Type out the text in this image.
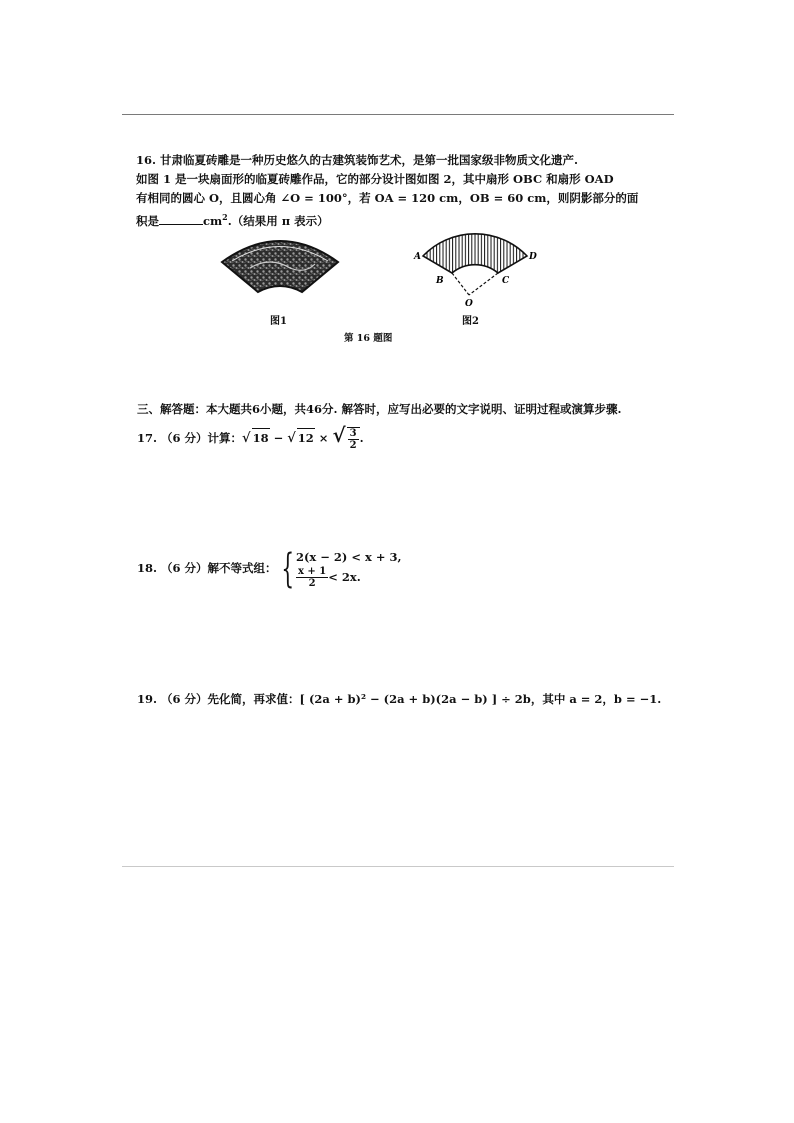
16. 甘肃临夏砖雕是一种历史悠久的古建筑装饰艺术，是第一批国家级非物质文化遗产.
如图 1 是一块扇面形的临夏砖雕作品，它的部分设计图如图 2，其中扇形 OBC 和扇形 OAD
有相同的圆心 O，且圆心角 ∠O = 100°，若 OA = 120 cm，OB = 60 cm，则阴影部分的面
积是	$cm^2$.（结果用 π 表示）
A	D
B	C
O
图1	图2
第 16 题图
三、解答题：本大题共6小题，共46分. 解答时，应写出必要的文字说明、证明过程或演算步骤.
17. （6 分）计算：√ 18 − √ 12 × √ $\frac{3}{2}$ .
18. （6 分）解不等式组： { 2(x − 2) < x + 3,
$\frac{x + 1}{2} < 2x$.
19. （6 分）先化简，再求值：[ (2a + b)² − (2a + b)(2a − b) ] ÷ 2b，其中 a = 2，b = −1.
